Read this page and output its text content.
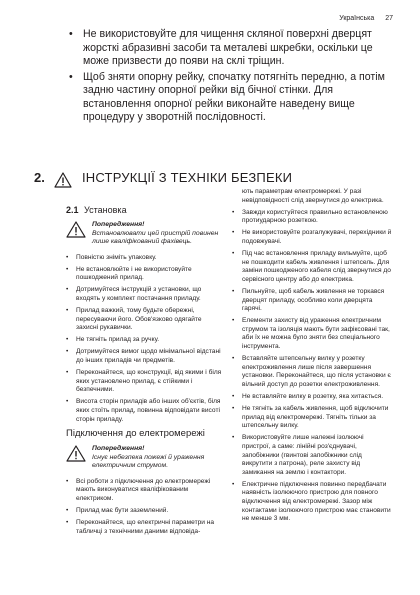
Українська 27
• Не використовуйте для чищення скляної поверхні дверцят жорсткі абразивні засоби та металеві шкребки, оскільки це може призвести до появи на склі тріщин.
• Щоб зняти опорну рейку, спочатку потягніть передню, а потім задню частину опорної рейки від бічної стінки. Для встановлення опорної рейки виконайте наведену вище процедуру у зворотній послідовності.
2.	ІНСТРУКЦІЇ З ТЕХНІКИ БЕЗПЕКИ
2.1 Установка
Попередження!
Встановлювати цей пристрій повинен лише кваліфікований фахівець.
• Повністю зніміть упаковку.
• Не встановлюйте і не використовуйте пошкоджений прилад.
• Дотримуйтеся інструкцій з установки, що входять у комплект постачання приладу.
• Прилад важкий, тому будьте обережні, пересуваючи його. Обов'язково одягайте захисні рукавички.
• Не тягніть прилад за ручку.
• Дотримуйтеся вимог щодо мінімальної відстані до інших приладів чи предметів.
• Переконайтеся, що конструкції, від якими і біля яких установлено прилад, є стійкими і безпечними.
• Висота сторін приладів або інших об'єктів, біля яких стоїть прилад, повинна відповідати висоті сторін приладу.
Підключення до електромережі
Попередження!
Існує небезпека пожежі й ураження електричним струмом.
• Всі роботи з підключення до електромережі мають виконуватися кваліфікованим електриком.
• Прилад має бути заземлений.
• Переконайтеся, що електричні параметри на табличці з технічними даними відповіда-
ють параметрам електромережі. У разі невідповідності слід звернутися до електрика.
• Завжди користуйтеся правильно встановленою протиударною розеткою.
• Не використовуйте розгалужувачі, перехідники й подовжувачі.
• Під час встановлення приладу вильмуйте, щоб не пошкодити кабель живлення і штепсель. Для заміни пошкодженого кабеля слід звернутися до сервісного центру або до електрика.
• Пильнуйте, щоб кабель живлення не торкався дверцят приладу, особливо коли дверцята гарячі.
• Елементи захисту від ураження електричним струмом та ізоляція мають бути зафіксовані так, аби їх не можна було зняти без спеціального інструмента.
• Вставляйте штепсельну вилку у розетку електроживлення лише після завершення установки. Переконайтеся, що після установки є вільний доступ до розетки електроживлення.
• Не вставляйте вилку в розетку, яка хитається.
• Не тягніть за кабель живлення, щоб відключити прилад від електромережі. Тягніть тільки за штепсельну вилку.
• Використовуйте лише належні ізолюючі пристрої, а саме: лінійні роз'єднувачі, запобіжники (гвинтові запобіжники слід викрутити з патрона), реле захисту від замикання на землю і контактори.
• Електричне підключення повинно передбачати наявність ізолюючого пристрою для повного відключення від електромережі. Зазор між контактами ізолюючого пристрою має становити не менше 3 мм.
